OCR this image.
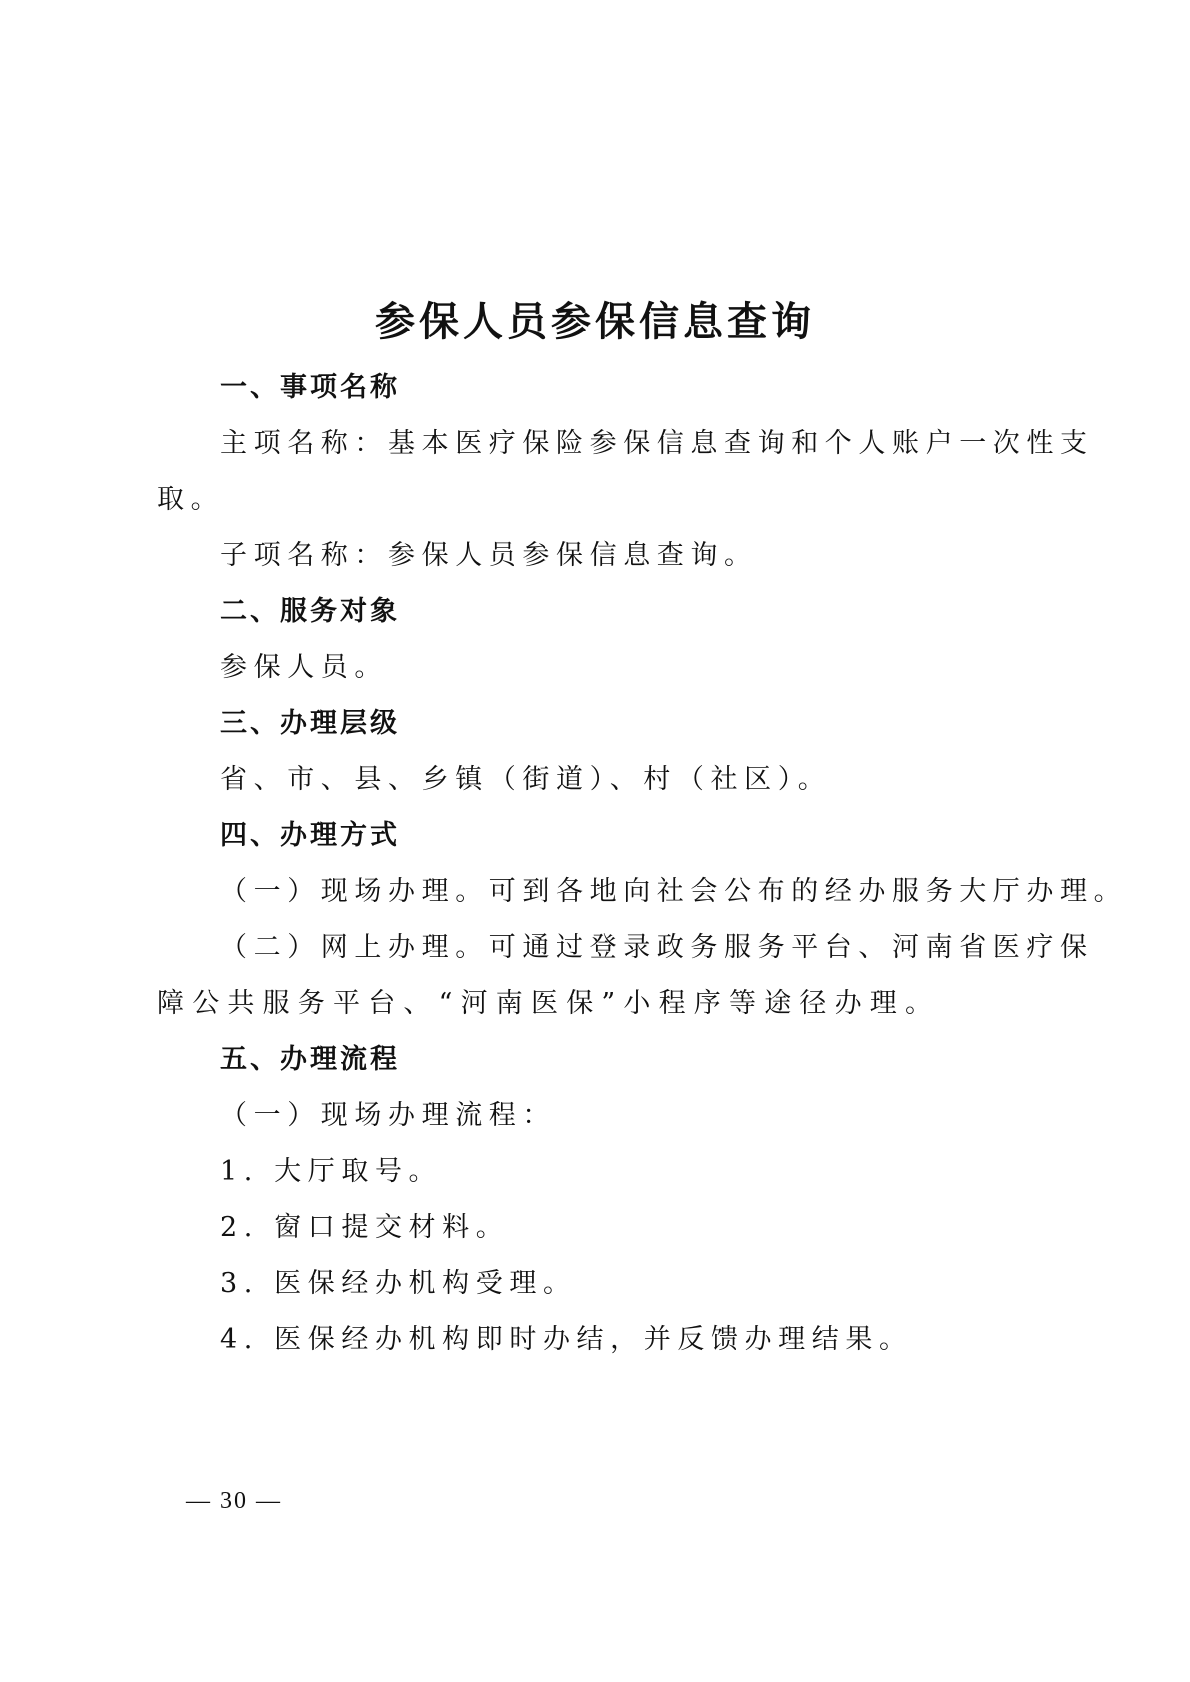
参保人员参保信息查询
一、事项名称
主项名称：基本医疗保险参保信息查询和个人账户一次性支
取。
子项名称：参保人员参保信息查询。
二、服务对象
参保人员。
三、办理层级
省、市、县、乡镇（街道）、村（社区）。
四、办理方式
（一）现场办理。可到各地向社会公布的经办服务大厅办理。
（二）网上办理。可通过登录政务服务平台、河南省医疗保
障公共服务平台、“河南医保”小程序等途径办理。
五、办理流程
（一）现场办理流程：
1. 大厅取号。
2. 窗口提交材料。
3. 医保经办机构受理。
4. 医保经办机构即时办结，并反馈办理结果。
— 30 —
